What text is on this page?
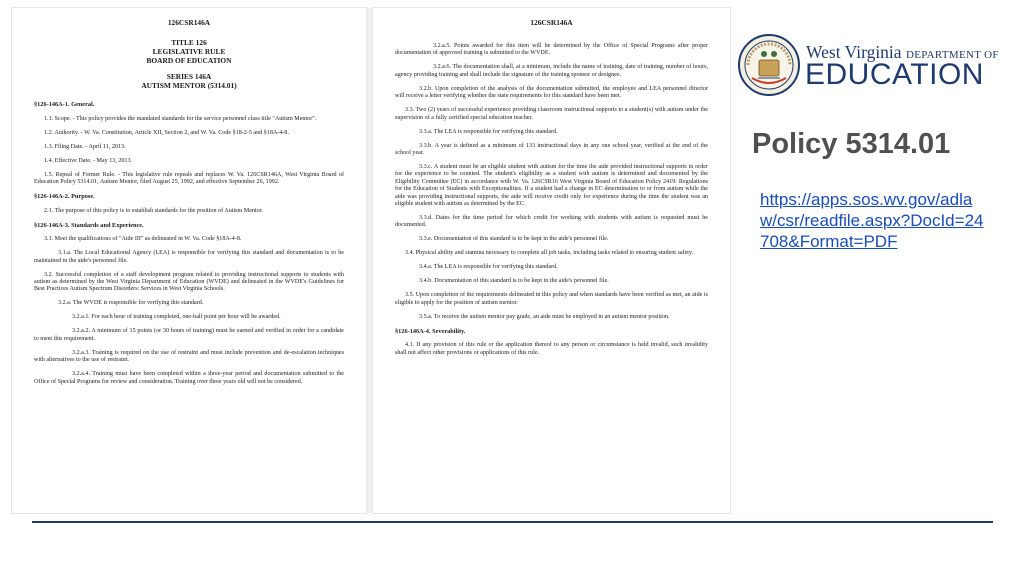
126CSR146A
TITLE 126
LEGISLATIVE RULE
BOARD OF EDUCATION
SERIES 146A
AUTISM MENTOR (5314.01)
§126-146A-1. General.
1.1. Scope. - This policy provides the mandated standards for the service personnel class title "Autism Mentor".
1.2. Authority. - W. Va. Constitution, Article XII, Section 2, and W. Va. Code §18-2-5 and §18A-4-8.
1.3. Filing Date. - April 11, 2013.
1.4. Effective Date. - May 13, 2013.
1.5. Repeal of Former Rule. - This legislative rule repeals and replaces W. Va. 126CSR146A, West Virginia Board of Education Policy 5314.01, Autism Mentor, filed August 25, 1992, and effective September 26, 1992.
§126-146A-2. Purpose.
2.1. The purpose of this policy is to establish standards for the position of Autism Mentor.
§126-146A-3. Standards and Experience.
3.1. Meet the qualifications of "Aide III" as delineated in W. Va. Code §18A-4-8.
3.1.a. The Local Educational Agency (LEA) is responsible for verifying this standard and documentation is to be maintained in the aide's personnel file.
3.2. Successful completion of a staff development program related to providing instructional supports to students with autism as determined by the West Virginia Department of Education (WVDE) and delineated in the WVDE's Guidelines for Best Practices Autism Spectrum Disorders: Services in West Virginia Schools.
3.2.a. The WVDE is responsible for verifying this standard.
3.2.a.1. For each hour of training completed, one-half point per hour will be awarded.
3.2.a.2. A minimum of 15 points (or 30 hours of training) must be earned and verified in order for a candidate to meet this requirement.
3.2.a.3. Training is required on the use of restraint and must include prevention and de-escalation techniques with alternatives to the use of restraint.
3.2.a.4. Training must have been completed within a three-year period and documentation submitted to the Office of Special Programs for review and consideration. Training over three years old will not be considered.
126CSR146A
3.2.a.5. Points awarded for this item will be determined by the Office of Special Programs after proper documentation of approved training is submitted to the WVDE.
3.2.a.6. The documentation shall, at a minimum, include the name of training, date of training, number of hours, agency providing training and shall include the signature of the training sponsor or designee.
3.2.b. Upon completion of the analysis of the documentation submitted, the employee and LEA personnel director will receive a letter verifying whether the state requirements for this standard have been met.
3.3. Two (2) years of successful experience providing classroom instructional supports to a student(s) with autism under the supervision of a fully certified special education teacher.
3.3.a. The LEA is responsible for verifying this standard.
3.3.b. A year is defined as a minimum of 133 instructional days in any one school year, verified at the end of the school year.
3.3.c. A student must be an eligible student with autism for the time the aide provided instructional supports in order for the experience to be counted. The student's eligibility as a student with autism is determined and documented by the Eligibility Committee (EC) in accordance with W. Va. 126CSR16 West Virginia Board of Education Policy 2419: Regulations for the Education of Students with Exceptionalities. If a student had a change in EC determination to or from autism while the aide was providing instructional supports, the aide will receive credit only for experience during the time the student was an eligible student with autism as determined by the EC.
3.3.d. Dates for the time period for which credit for working with students with autism is requested must be documented.
3.3.e. Documentation of this standard is to be kept in the aide's personnel file.
3.4. Physical ability and stamina necessary to complete all job tasks, including tasks related to ensuring student safety.
3.4.a. The LEA is responsible for verifying this standard.
3.4.b. Documentation of this standard is to be kept in the aide's personnel file.
3.5. Upon completion of the requirements delineated in this policy and when standards have been verified as met, an aide is eligible to apply for the position of autism mentor.
3.5.a. To receive the autism mentor pay grade, an aide must be employed in an autism mentor position.
§126-146A-4. Severability.
4.1. If any provision of this rule or the application thereof to any person or circumstance is held invalid, such invalidity shall not affect other provisions or applications of this rule.
West Virginia DEPARTMENT OF
EDUCATION
Policy 5314.01
https://apps.sos.wv.gov/adlaw/csr/readfile.aspx?DocId=24708&Format=PDF
